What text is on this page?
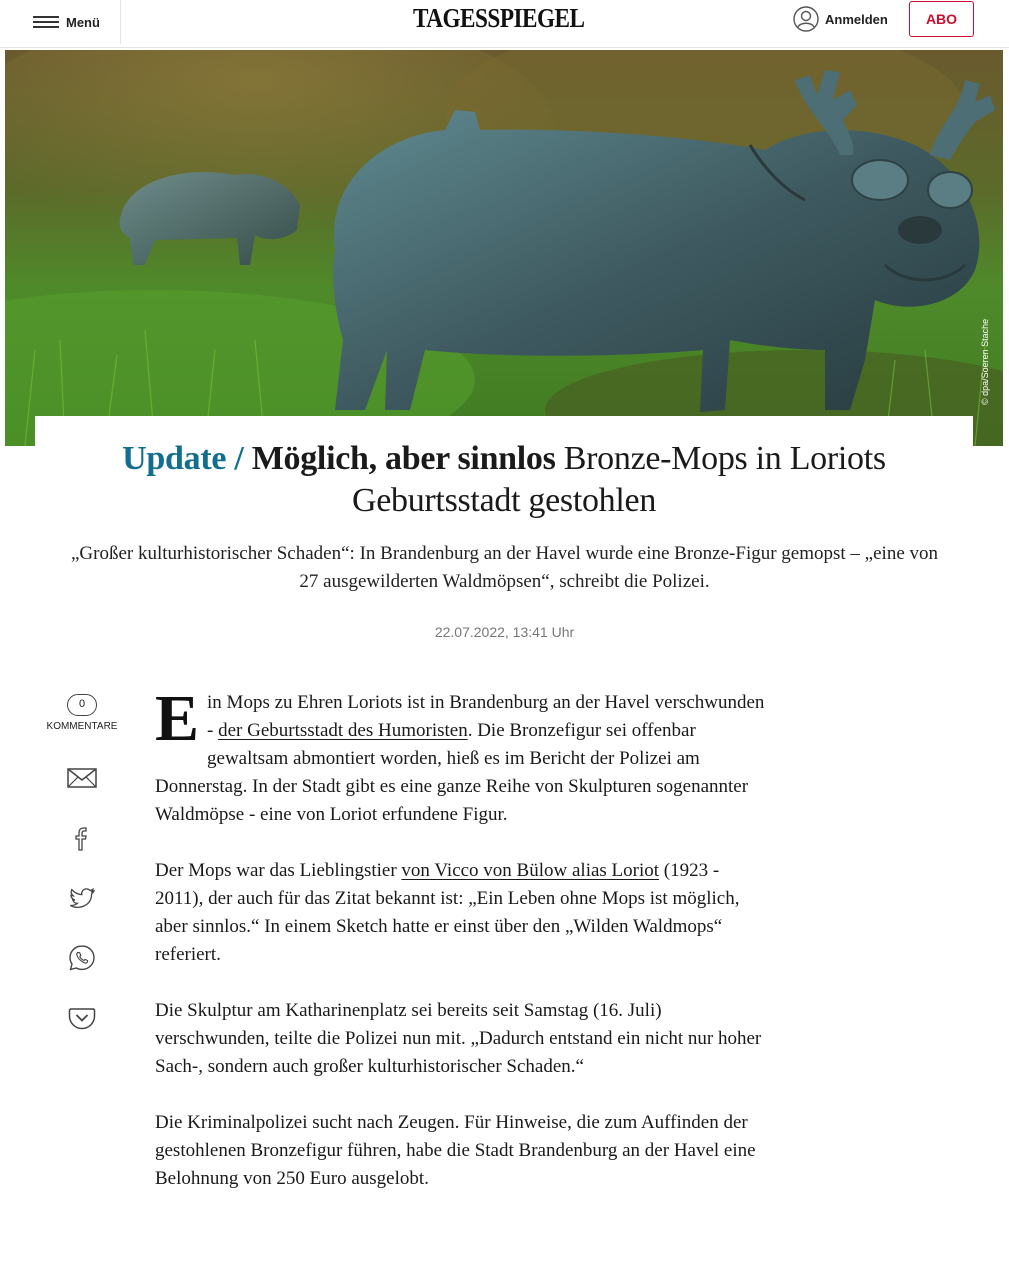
Menü	TAGESSPIEGEL	Anmelden	ABO
© dpa/Soeren Stache
Update / Möglich, aber sinnlos Bronze-Mops in Loriots Geburtsstadt gestohlen

„Großer kulturhistorischer Schaden“: In Brandenburg an der Havel wurde eine Bronze-Figur gemopst – „eine von 27 ausgewilderten Waldmöpsen“, schreibt die Polizei.

22.07.2022, 13:41 Uhr
0
KOMMENTARE Ein Mops zu Ehren Loriots ist in Brandenburg an der Havel verschwunden - der Geburtsstadt des Humoristen. Die Bronzefigur sei offenbar gewaltsam abmontiert worden, hieß es im Bericht der Polizei am Donnerstag. In der Stadt gibt es eine ganze Reihe von Skulpturen sogenannter Waldmöpse - eine von Loriot erfundene Figur.

Der Mops war das Lieblingstier von Vicco von Bülow alias Loriot (1923 - 2011), der auch für das Zitat bekannt ist: „Ein Leben ohne Mops ist möglich, aber sinnlos.“ In einem Sketch hatte er einst über den „Wilden Waldmops“ referiert.

Die Skulptur am Katharinenplatz sei bereits seit Samstag (16. Juli) verschwunden, teilte die Polizei nun mit. „Dadurch entstand ein nicht nur hoher Sach-, sondern auch großer kulturhistorischer Schaden.“

Die Kriminalpolizei sucht nach Zeugen. Für Hinweise, die zum Auffinden der gestohlenen Bronzefigur führen, habe die Stadt Brandenburg an der Havel eine Belohnung von 250 Euro ausgelobt.
